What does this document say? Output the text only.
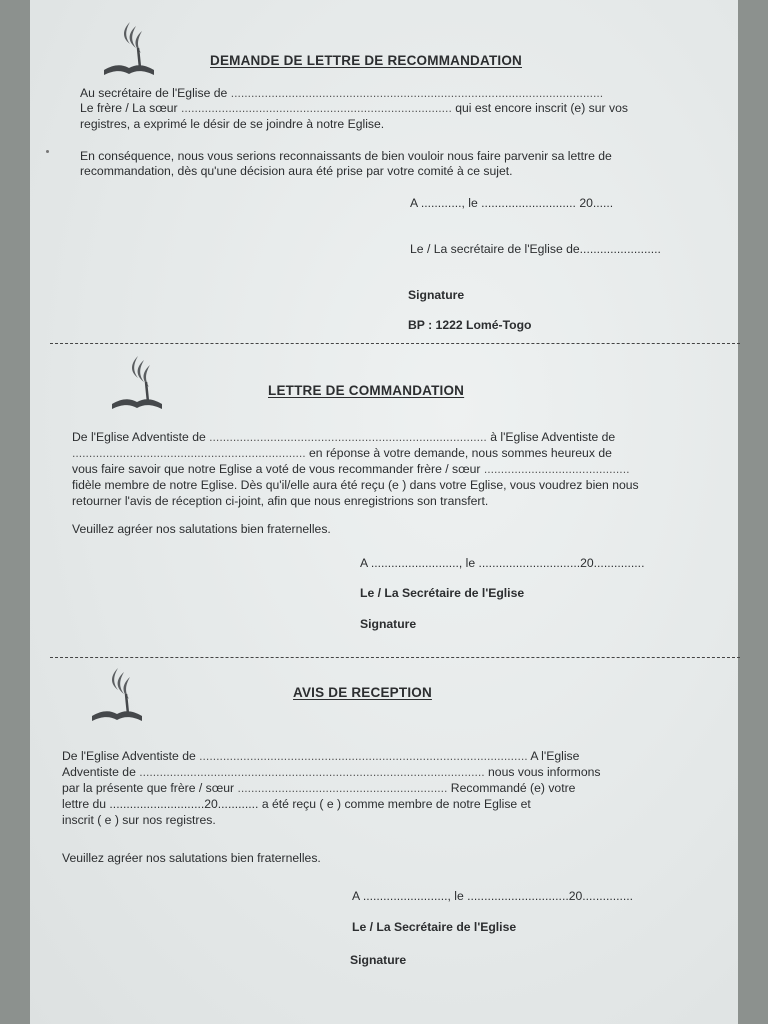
DEMANDE DE LETTRE DE RECOMMANDATION
Au secrétaire de l'Eglise de ..............................................................................................................
Le frère / La sœur ................................................................................ qui est encore inscrit (e) sur vos
registres, a exprimé le désir de se joindre à notre Eglise.
En conséquence, nous vous serions reconnaissants de bien vouloir nous faire parvenir sa lettre de
recommandation, dès qu'une décision aura été prise par votre comité à ce sujet.
A ............, le ............................ 20......
Le / La secrétaire de l'Eglise de........................
Signature
BP : 1222 Lomé-Togo
LETTRE DE COMMANDATION
De l'Eglise Adventiste de .................................................................................. à l'Eglise Adventiste de
..................................................................... en réponse à votre demande, nous sommes heureux de
vous faire savoir que notre Eglise a voté de vous recommander frère / sœur ...........................................
fidèle membre de notre Eglise. Dès qu'il/elle aura été reçu (e ) dans votre Eglise, vous voudrez bien nous
retourner l'avis de réception ci-joint, afin que nous enregistrions son transfert.
Veuillez agréer nos salutations bien fraternelles.
A .........................., le ..............................20...............
Le / La Secrétaire de l'Eglise
Signature
AVIS DE RECEPTION
De l'Eglise Adventiste de ................................................................................................. A l'Eglise
Adventiste de ...................................................................................................... nous vous informons
par la présente que frère / sœur .............................................................. Recommandé (e) votre
lettre du ............................20............ a été reçu ( e ) comme membre de notre Eglise et
inscrit ( e ) sur nos registres.
Veuillez agréer nos salutations bien fraternelles.
A ........................., le ..............................20...............
Le / La Secrétaire de l'Eglise
Signature
